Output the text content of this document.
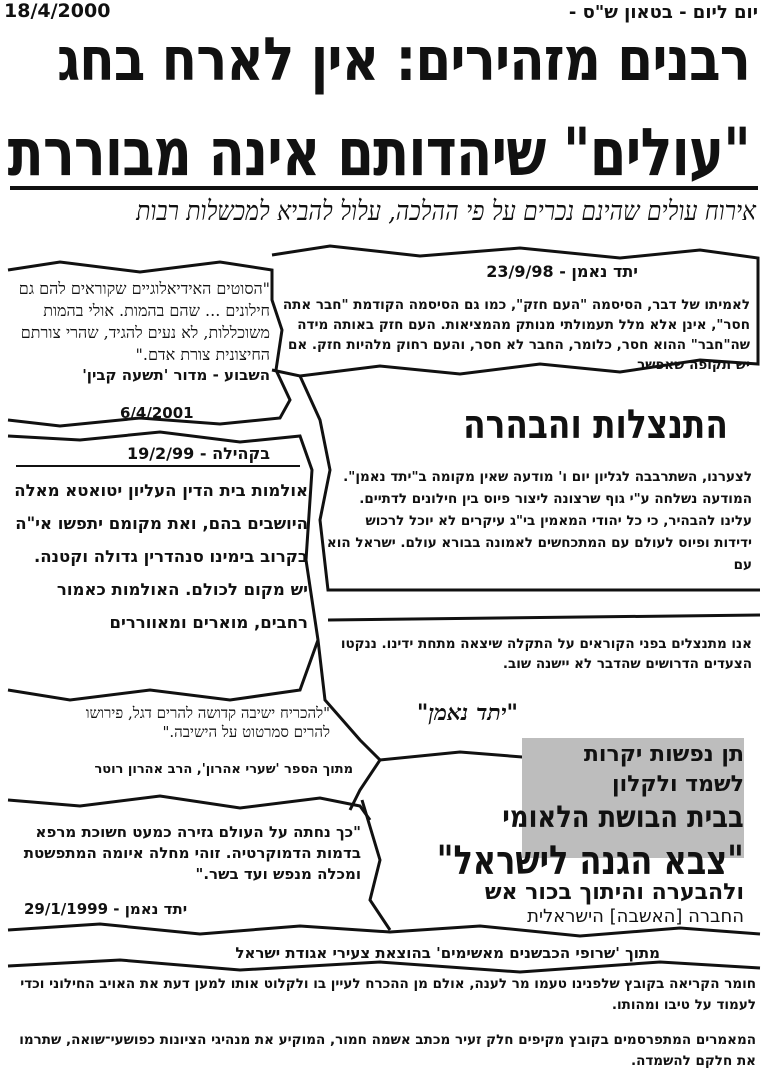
18/4/2000	יום ליום - בטאון ש"ס -
רבנים מזהירים: אין לארח בחג
"עולים" שיהדותם אינה מבוררת
אירוח עולים שהינם נכרים על פי ההלכה, עלול להביא למכשלות רבות
יתד נאמן - 23/9/98
לאמיתו של דבר, הסיסמה "העם חזק", כמו גם הסיסמה הקודמת "חבר אתה חסר", אינן אלא מלל תעמולתי מנותק מהמציאות. העם חזק באותה מידה שה"חבר" ההוא חסר, כלומר, החבר לא חסר, והעם רחוק מלהיות חזק. אם יש תקופה שאפשר
"הסוטים האידיאלוגיים שקוראים להם גם חילונים ... שהם בהמות. אולי בהמות משוכללות, לא נעים להגיד, שהרי צורתם החיצונית צורת אדם."
השבוע - מדור 'תשעה קבין'
6/4/2001	התנצלות והבהרה
לצערנו, השתרבבה לגליון יום ו' מודעה שאין מקומה ב"יתד נאמן". המודעה נשלחה ע"י גוף שרצונה ליצור פיוס בין חילונים לדתיים. עלינו להבהיר, כי כל יהודי המאמין בי"ג עיקרים לא יוכל לרכוש ידידות ופיוס לעולם עם המתכחשים לאמונה בבורא עולם. ישראל הוא עם
בקהילה - 19/2/99
אולמות בית הדין העליון יטואטא מאלה היושבים בהם, ואת מקומם יתפשו אי"ה בקרוב בימינו סנהדרין גדולה וקטנה. יש מקום לכולם. האולמות כאמור רחבים, מוארים ומאווררים
אנו מתנצלים בפני הקוראים על התקלה שיצאה מתחת ידינו. ננקטו הצעדים הדרושים שהדבר לא יישנה שוב.
"יתד נאמן"
"להכריח ישיבה קדושה להרים דגל, פירושו להרים סמרטוט על הישיבה."
מתוך הספר 'שערי אהרון', הרב אהרון רוטר
תן נפשות יקרות
לשמד ולקלון
בבית הבושת הלאומי
"צבא הגנה לישראל"
ולהבערה והיתוך בכור אש
החברה [האשבה] הישראלית
"כך נחתה על העולם גזירה כמעט חשוכת מרפא בדמות הדמוקרטיה. זוהי מחלה איומה המתפשטת ומכלה מנפש ועד בשר."
יתד נאמן - 29/1/1999
מתוך 'שרופי הכבשנים מאשימים' בהוצאת צעירי אגודת ישראל
חומר הקריאה בקובץ שלפנינו טעמו מר לענה, אולם מן ההכרח לעיין בו ולקלוט אותו למען דעת את האויב החילוני וכדי לעמוד על טיבו ומהותו.
המאמרים המתפרסמים בקובץ מקיפים חלק זעיר מכתב אשמה חמור, המוקיע את מנהיגי הציונות כפושעי־שואה, שתרמו את חלקם להשמדה.
